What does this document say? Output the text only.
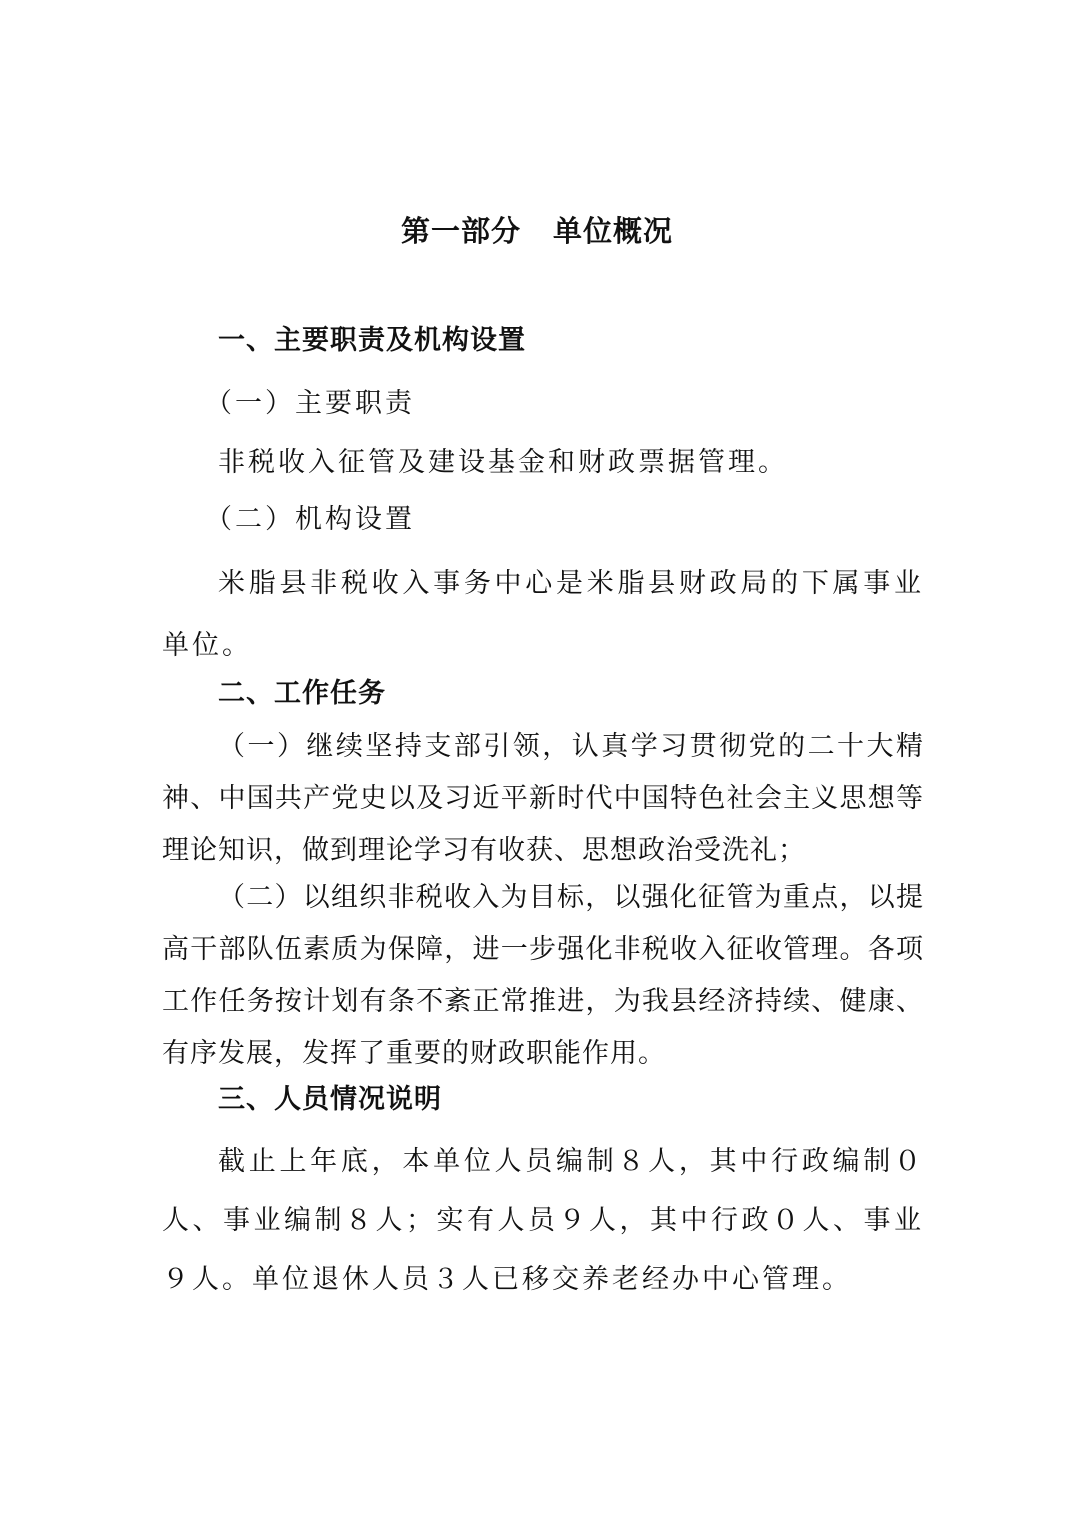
第一部分 单位概况
一、主要职责及机构设置
（一）主要职责
非税收入征管及建设基金和财政票据管理。
（二）机构设置
米脂县非税收入事务中心是米脂县财政局的下属事业单位。
二、工作任务
（一）继续坚持支部引领，认真学习贯彻党的二十大精神、中国共产党史以及习近平新时代中国特色社会主义思想等理论知识，做到理论学习有收获、思想政治受洗礼；
（二）以组织非税收入为目标，以强化征管为重点，以提高干部队伍素质为保障，进一步强化非税收入征收管理。各项工作任务按计划有条不紊正常推进，为我县经济持续、健康、有序发展，发挥了重要的财政职能作用。
三、人员情况说明
截止上年底，本单位人员编制８人，其中行政编制０人、事业编制８人；实有人员９人，其中行政０人、事业９人。单位退休人员３人已移交养老经办中心管理。
